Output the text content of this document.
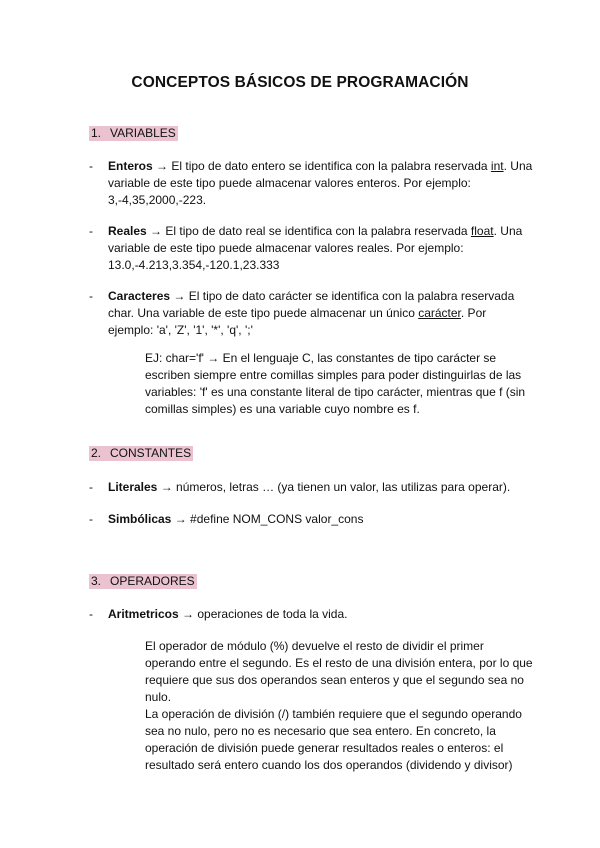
CONCEPTOS BÁSICOS DE PROGRAMACIÓN
1. VARIABLES
- Enteros → El tipo de dato entero se identifica con la palabra reservada int. Una variable de este tipo puede almacenar valores enteros. Por ejemplo: 3,-4,35,2000,-223.
- Reales → El tipo de dato real se identifica con la palabra reservada float. Una variable de este tipo puede almacenar valores reales. Por ejemplo: 13.0,-4.213,3.354,-120.1,23.333
- Caracteres → El tipo de dato carácter se identifica con la palabra reservada char. Una variable de este tipo puede almacenar un único carácter. Por ejemplo: 'a', 'Z', '1', '*', 'q', ';'
EJ: char='f' → En el lenguaje C, las constantes de tipo carácter se escriben siempre entre comillas simples para poder distinguirlas de las variables: 'f' es una constante literal de tipo carácter, mientras que f (sin comillas simples) es una variable cuyo nombre es f.
2. CONSTANTES
- Literales → números, letras … (ya tienen un valor, las utilizas para operar).
- Simbólicas → #define NOM_CONS valor_cons
3. OPERADORES
- Aritmetricos → operaciones de toda la vida.
El operador de módulo (%) devuelve el resto de dividir el primer operando entre el segundo. Es el resto de una división entera, por lo que requiere que sus dos operandos sean enteros y que el segundo sea no nulo.
La operación de división (/) también requiere que el segundo operando sea no nulo, pero no es necesario que sea entero. En concreto, la operación de división puede generar resultados reales o enteros: el resultado será entero cuando los dos operandos (dividendo y divisor)
